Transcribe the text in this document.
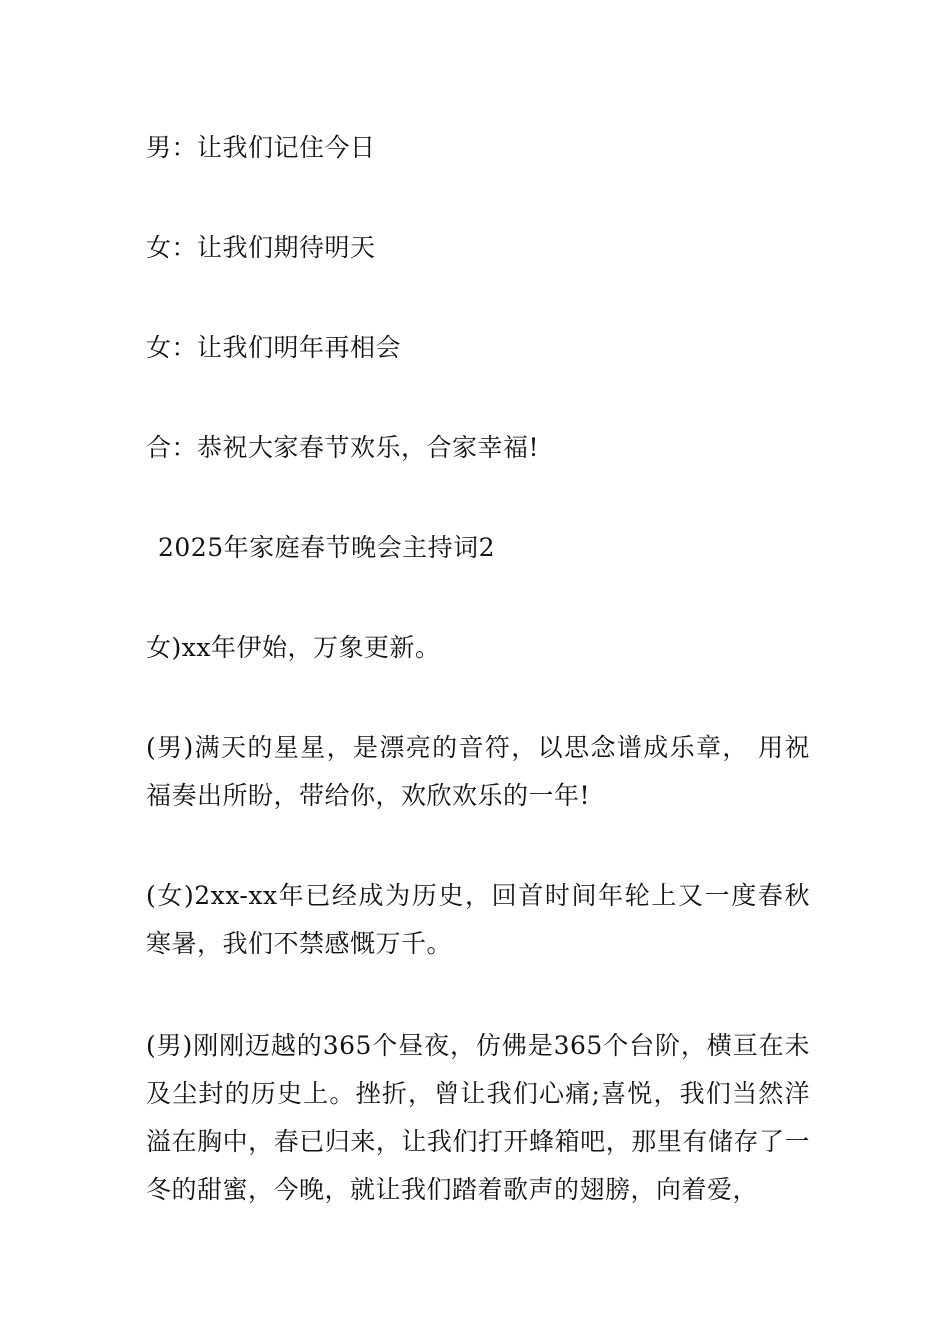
男：让我们记住今日
女：让我们期待明天
女：让我们明年再相会
合：恭祝大家春节欢乐，合家幸福!
2025年家庭春节晚会主持词2
女)xx年伊始，万象更新。
(男)满天的星星，是漂亮的音符，以思念谱成乐章， 用祝福奏出所盼，带给你，欢欣欢乐的一年!
(女)2xx-xx年已经成为历史，回首时间年轮上又一度春秋寒暑，我们不禁感慨万千。
(男)刚刚迈越的365个昼夜，仿佛是365个台阶，横亘在未及尘封的历史上。挫折，曾让我们心痛;喜悦，我们当然洋溢在胸中，春已归来，让我们打开蜂箱吧，那里有储存了一冬的甜蜜，今晚，就让我们踏着歌声的翅膀，向着爱，
